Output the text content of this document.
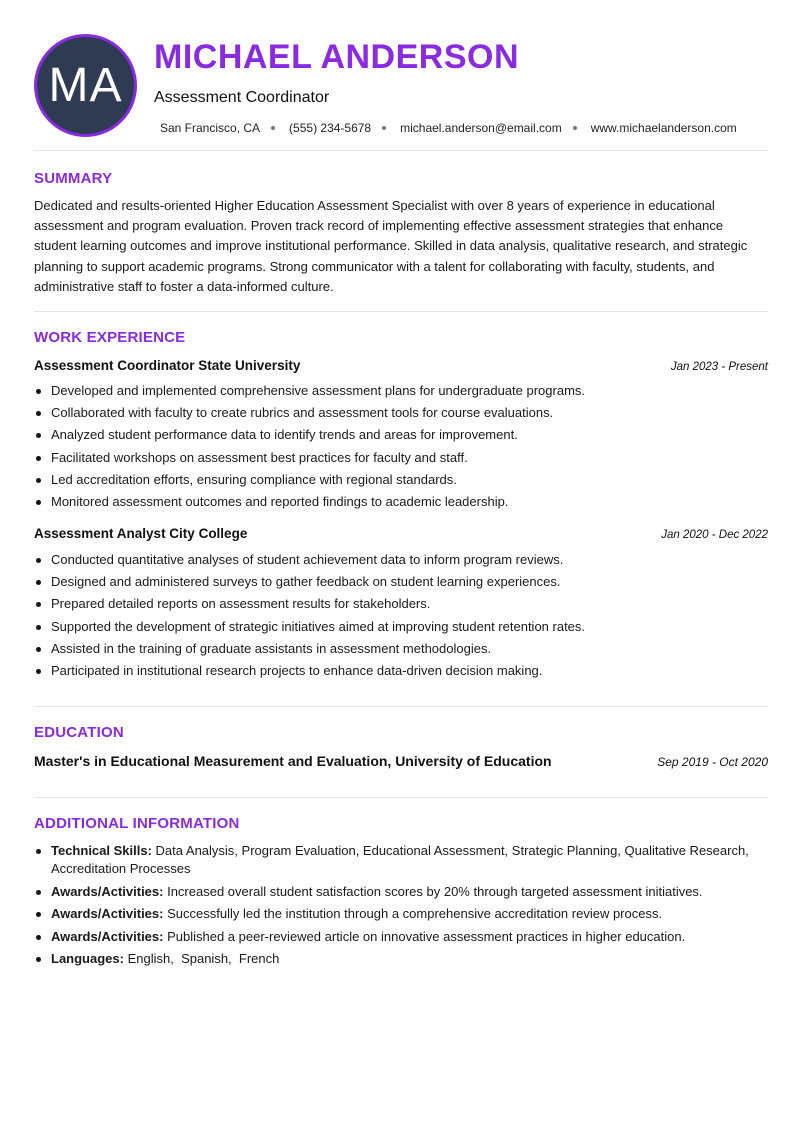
MA
MICHAEL ANDERSON
Assessment Coordinator
San Francisco, CA (555) 234-5678 michael.anderson@email.com www.michaelanderson.com
SUMMARY
Dedicated and results-oriented Higher Education Assessment Specialist with over 8 years of experience in educational assessment and program evaluation. Proven track record of implementing effective assessment strategies that enhance student learning outcomes and improve institutional performance. Skilled in data analysis, qualitative research, and strategic planning to support academic programs. Strong communicator with a talent for collaborating with faculty, students, and administrative staff to foster a data-informed culture.
WORK EXPERIENCE
Assessment Coordinator State University	Jan 2023 - Present
Developed and implemented comprehensive assessment plans for undergraduate programs.
Collaborated with faculty to create rubrics and assessment tools for course evaluations.
Analyzed student performance data to identify trends and areas for improvement.
Facilitated workshops on assessment best practices for faculty and staff.
Led accreditation efforts, ensuring compliance with regional standards.
Monitored assessment outcomes and reported findings to academic leadership.
Assessment Analyst City College	Jan 2020 - Dec 2022
Conducted quantitative analyses of student achievement data to inform program reviews.
Designed and administered surveys to gather feedback on student learning experiences.
Prepared detailed reports on assessment results for stakeholders.
Supported the development of strategic initiatives aimed at improving student retention rates.
Assisted in the training of graduate assistants in assessment methodologies.
Participated in institutional research projects to enhance data-driven decision making.
EDUCATION
Master's in Educational Measurement and Evaluation, University of Education	Sep 2019 - Oct 2020
ADDITIONAL INFORMATION
Technical Skills: Data Analysis, Program Evaluation, Educational Assessment, Strategic Planning, Qualitative Research, Accreditation Processes
Awards/Activities: Increased overall student satisfaction scores by 20% through targeted assessment initiatives.
Awards/Activities: Successfully led the institution through a comprehensive accreditation review process.
Awards/Activities: Published a peer-reviewed article on innovative assessment practices in higher education.
Languages: English,  Spanish,  French
